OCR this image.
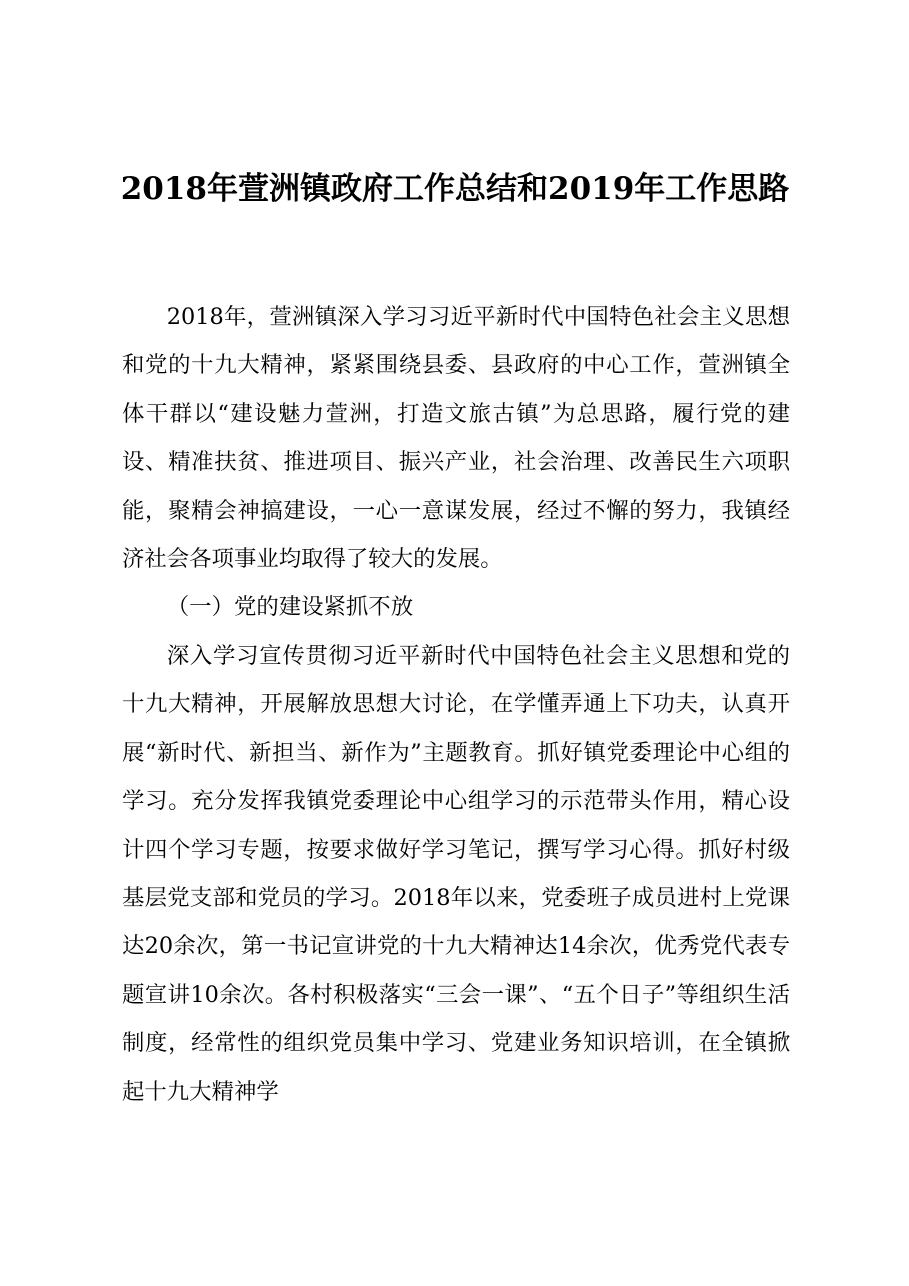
2018年萱洲镇政府工作总结和2019年工作思路

2018年，萱洲镇深入学习习近平新时代中国特色社会主义思想和党的十九大精神，紧紧围绕县委、县政府的中心工作，萱洲镇全体干群以“建设魅力萱洲，打造文旅古镇”为总思路，履行党的建设、精准扶贫、推进项目、振兴产业，社会治理、改善民生六项职能，聚精会神搞建设，一心一意谋发展，经过不懈的努力，我镇经济社会各项事业均取得了较大的发展。

（一）党的建设紧抓不放

深入学习宣传贯彻习近平新时代中国特色社会主义思想和党的十九大精神，开展解放思想大讨论，在学懂弄通上下功夫，认真开展“新时代、新担当、新作为”主题教育。抓好镇党委理论中心组的学习。充分发挥我镇党委理论中心组学习的示范带头作用，精心设计四个学习专题，按要求做好学习笔记，撰写学习心得。抓好村级基层党支部和党员的学习。2018年以来，党委班子成员进村上党课达20余次，第一书记宣讲党的十九大精神达14余次，优秀党代表专题宣讲10余次。各村积极落实“三会一课”、“五个日子”等组织生活制度，经常性的组织党员集中学习、党建业务知识培训，在全镇掀起十九大精神学
